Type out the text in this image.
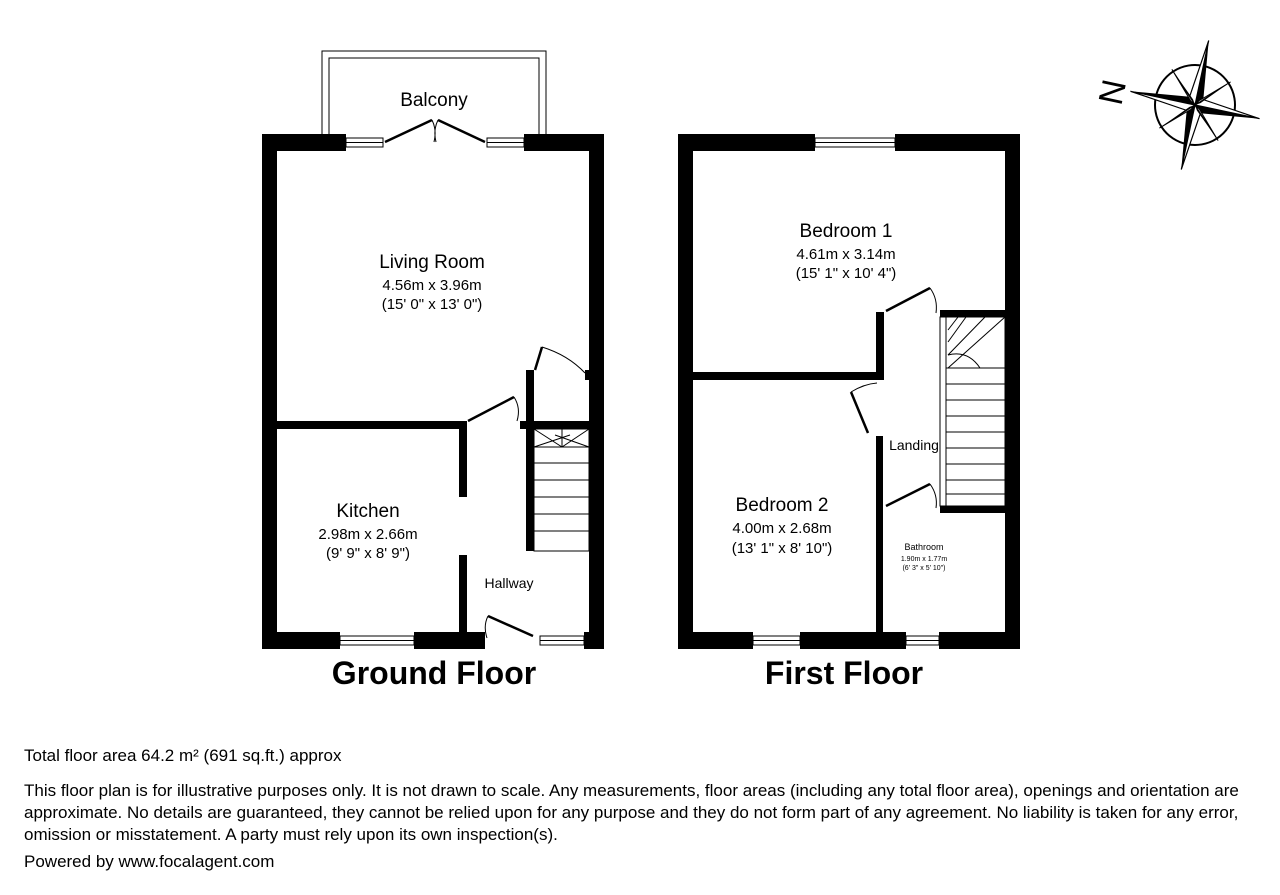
Balcony
Living Room
4.56m x 3.96m
(15' 0" x 13' 0")
Kitchen
2.98m x 2.66m
(9' 9" x 8' 9")
Hallway
Ground Floor
Bedroom 1
4.61m x 3.14m
(15' 1" x 10' 4")
Bedroom 2
4.00m x 2.68m
(13' 1" x 8' 10")
Landing
Bathroom
1.90m x 1.77m
(6' 3" x 5' 10")
First Floor
N

Total floor area 64.2 m² (691 sq.ft.) approx

This floor plan is for illustrative purposes only. It is not drawn to scale. Any measurements, floor areas (including any total floor area), openings and orientation are approximate. No details are guaranteed, they cannot be relied upon for any purpose and they do not form part of any agreement. No liability is taken for any error, omission or misstatement. A party must rely upon its own inspection(s).

Powered by www.focalagent.com
